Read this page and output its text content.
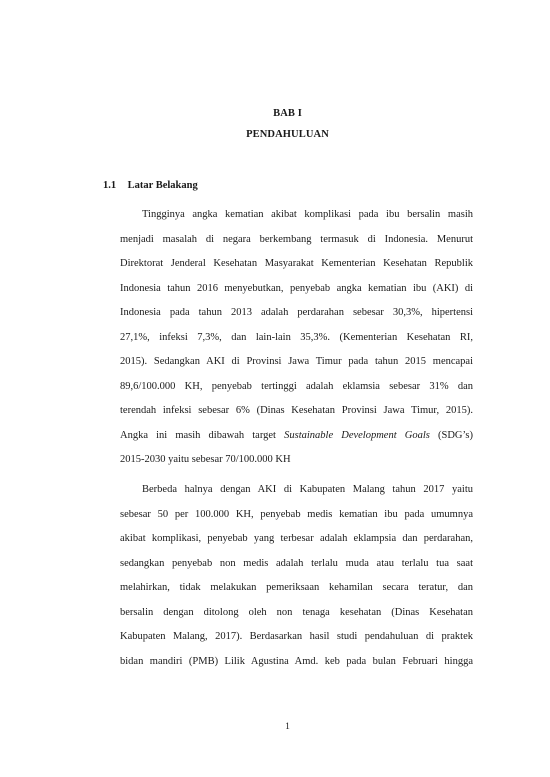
BAB I
PENDAHULUAN
1.1 Latar Belakang
Tingginya angka kematian akibat komplikasi pada ibu bersalin masih
menjadi masalah di negara berkembang termasuk di Indonesia. Menurut
Direktorat Jenderal Kesehatan Masyarakat Kementerian Kesehatan Republik
Indonesia tahun 2016 menyebutkan, penyebab angka kematian ibu (AKI) di
Indonesia pada tahun 2013 adalah perdarahan sebesar 30,3%, hipertensi
27,1%, infeksi 7,3%, dan lain-lain 35,3%. (Kementerian Kesehatan RI,
2015). Sedangkan AKI di Provinsi Jawa Timur pada tahun 2015 mencapai
89,6/100.000 KH, penyebab tertinggi adalah eklamsia sebesar 31% dan
terendah infeksi sebesar 6% (Dinas Kesehatan Provinsi Jawa Timur, 2015).
Angka ini masih dibawah target Sustainable Development Goals (SDG’s)
2015-2030 yaitu sebesar 70/100.000 KH
Berbeda halnya dengan AKI di Kabupaten Malang tahun 2017 yaitu
sebesar 50 per 100.000 KH, penyebab medis kematian ibu pada umumnya
akibat komplikasi, penyebab yang terbesar adalah eklampsia dan perdarahan,
sedangkan penyebab non medis adalah terlalu muda atau terlalu tua saat
melahirkan, tidak melakukan pemeriksaan kehamilan secara teratur, dan
bersalin dengan ditolong oleh non tenaga kesehatan (Dinas Kesehatan
Kabupaten Malang, 2017). Berdasarkan hasil studi pendahuluan di praktek
bidan mandiri (PMB) Lilik Agustina Amd. keb pada bulan Februari hingga
1
